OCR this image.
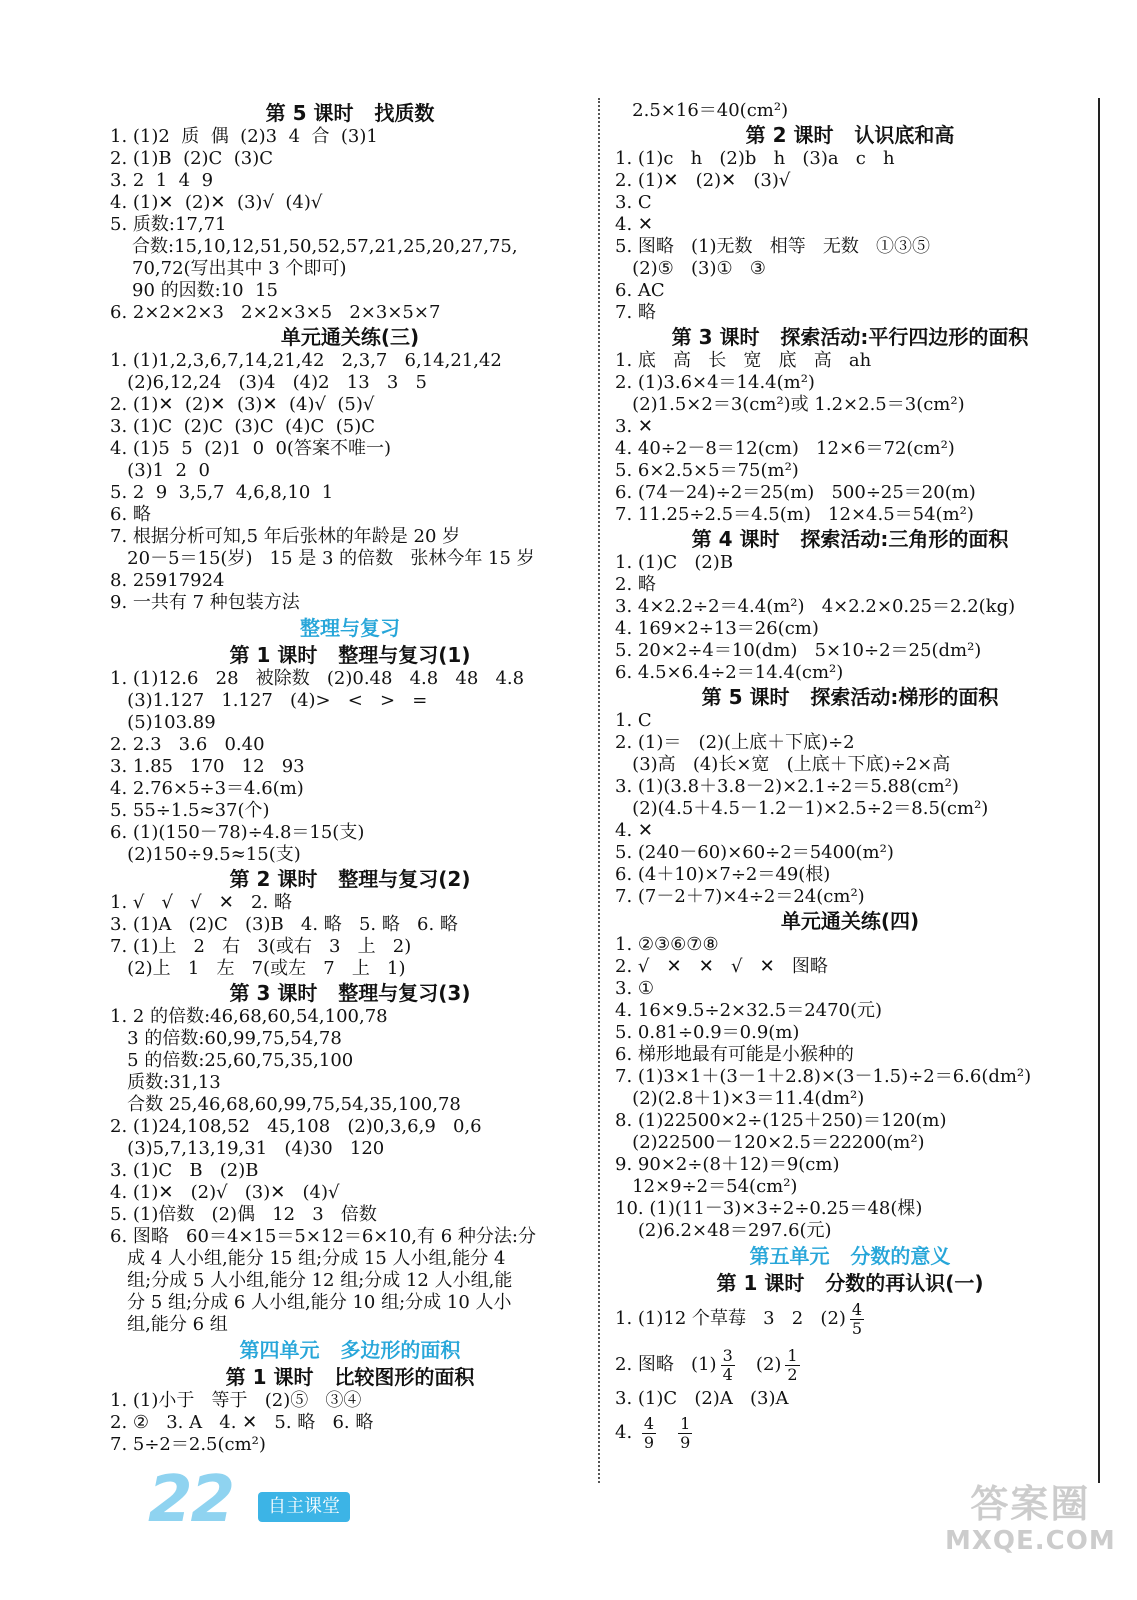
第 5 课时   找质数
1. (1)2  质  偶  (2)3  4  合  (3)1
2. (1)B  (2)C  (3)C
3. 2  1  4  9
4. (1)✕  (2)✕  (3)√  (4)√
5. 质数:17,71
合数:15,10,12,51,50,52,57,21,25,20,27,75,
70,72(写出其中 3 个即可)
90 的因数:10  15
6. 2×2×2×3   2×2×3×5   2×3×5×7
单元通关练(三)
1. (1)1,2,3,6,7,14,21,42   2,3,7   6,14,21,42
(2)6,12,24   (3)4   (4)2   13   3   5
2. (1)✕  (2)✕  (3)✕  (4)√  (5)√
3. (1)C  (2)C  (3)C  (4)C  (5)C
4. (1)5  5  (2)1  0  0(答案不唯一)
(3)1  2  0
5. 2  9  3,5,7  4,6,8,10  1
6. 略
7. 根据分析可知,5 年后张林的年龄是 20 岁
20－5＝15(岁)   15 是 3 的倍数   张林今年 15 岁
8. 25917924
9. 一共有 7 种包装方法
整理与复习
第 1 课时   整理与复习(1)
1. (1)12.6   28   被除数   (2)0.48   4.8   48   4.8
(3)1.127   1.127   (4)>   <   >   =
(5)103.89
2. 2.3   3.6   0.40
3. 1.85   170   12   93
4. 2.76×5÷3＝4.6(m)
5. 55÷1.5≈37(个)
6. (1)(150－78)÷4.8＝15(支)
(2)150÷9.5≈15(支)
第 2 课时   整理与复习(2)
1. √   √   √   ✕   2. 略
3. (1)A   (2)C   (3)B   4. 略   5. 略   6. 略
7. (1)上   2   右   3(或右   3   上   2)
(2)上   1   左   7(或左   7   上   1)
第 3 课时   整理与复习(3)
1. 2 的倍数:46,68,60,54,100,78
3 的倍数:60,99,75,54,78
5 的倍数:25,60,75,35,100
质数:31,13
合数 25,46,68,60,99,75,54,35,100,78
2. (1)24,108,52   45,108   (2)0,3,6,9   0,6
(3)5,7,13,19,31   (4)30   120
3. (1)C   B   (2)B
4. (1)✕   (2)√   (3)✕   (4)√
5. (1)倍数   (2)偶   12   3   倍数
6. 图略   60＝4×15＝5×12＝6×10,有 6 种分法:分
成 4 人小组,能分 15 组;分成 15 人小组,能分 4
组;分成 5 人小组,能分 12 组;分成 12 人小组,能
分 5 组;分成 6 人小组,能分 10 组;分成 10 人小
组,能分 6 组
第四单元   多边形的面积
第 1 课时   比较图形的面积
1. (1)小于   等于   (2)⑤   ③④
2. ②   3. A   4. ✕   5. 略   6. 略
7. 5÷2＝2.5(cm²)
2.5×16＝40(cm²)
第 2 课时   认识底和高
1. (1)c   h   (2)b   h   (3)a   c   h
2. (1)✕   (2)✕   (3)√
3. C
4. ✕
5. 图略   (1)无数   相等   无数   ①③⑤
(2)⑤   (3)①   ③
6. AC
7. 略
第 3 课时   探索活动:平行四边形的面积
1. 底   高   长   宽   底   高   ah
2. (1)3.6×4＝14.4(m²)
(2)1.5×2＝3(cm²)或 1.2×2.5＝3(cm²)
3. ✕
4. 40÷2－8＝12(cm)   12×6＝72(cm²)
5. 6×2.5×5＝75(m²)
6. (74－24)÷2＝25(m)   500÷25＝20(m)
7. 11.25÷2.5＝4.5(m)   12×4.5＝54(m²)
第 4 课时   探索活动:三角形的面积
1. (1)C   (2)B
2. 略
3. 4×2.2÷2＝4.4(m²)   4×2.2×0.25＝2.2(kg)
4. 169×2÷13＝26(cm)
5. 20×2÷4＝10(dm)   5×10÷2＝25(dm²)
6. 4.5×6.4÷2＝14.4(cm²)
第 5 课时   探索活动:梯形的面积
1. C
2. (1)＝   (2)(上底＋下底)÷2
(3)高   (4)长×宽   (上底＋下底)÷2×高
3. (1)(3.8＋3.8－2)×2.1÷2＝5.88(cm²)
(2)(4.5＋4.5－1.2－1)×2.5÷2＝8.5(cm²)
4. ✕
5. (240－60)×60÷2＝5400(m²)
6. (4＋10)×7÷2＝49(根)
7. (7－2＋7)×4÷2＝24(cm²)
单元通关练(四)
1. ②③⑥⑦⑧
2. √   ✕   ✕   √   ✕   图略
3. ①
4. 16×9.5÷2×32.5＝2470(元)
5. 0.81÷0.9＝0.9(m)
6. 梯形地最有可能是小猴种的
7. (1)3×1＋(3－1＋2.8)×(3－1.5)÷2＝6.6(dm²)
(2)(2.8＋1)×3＝11.4(dm²)
8. (1)22500×2÷(125＋250)＝120(m)
(2)22500－120×2.5＝22200(m²)
9. 90×2÷(8＋12)＝9(cm)
12×9÷2＝54(cm²)
10. (1)(11－3)×3÷2÷0.25＝48(棵)
(2)6.2×48＝297.6(元)
第五单元   分数的意义
第 1 课时   分数的再认识(一)
1. (1)12 个草莓   3   2   $(2) \frac{4}{5}$
2. 图略   $(1) \frac{3}{4} (2) \frac{1}{2}$
3. (1)C   (2)A   (3)A
4. $\frac{4}{9} \frac{1}{9}$
22	自主课堂	答案圈
MXQE.COM
